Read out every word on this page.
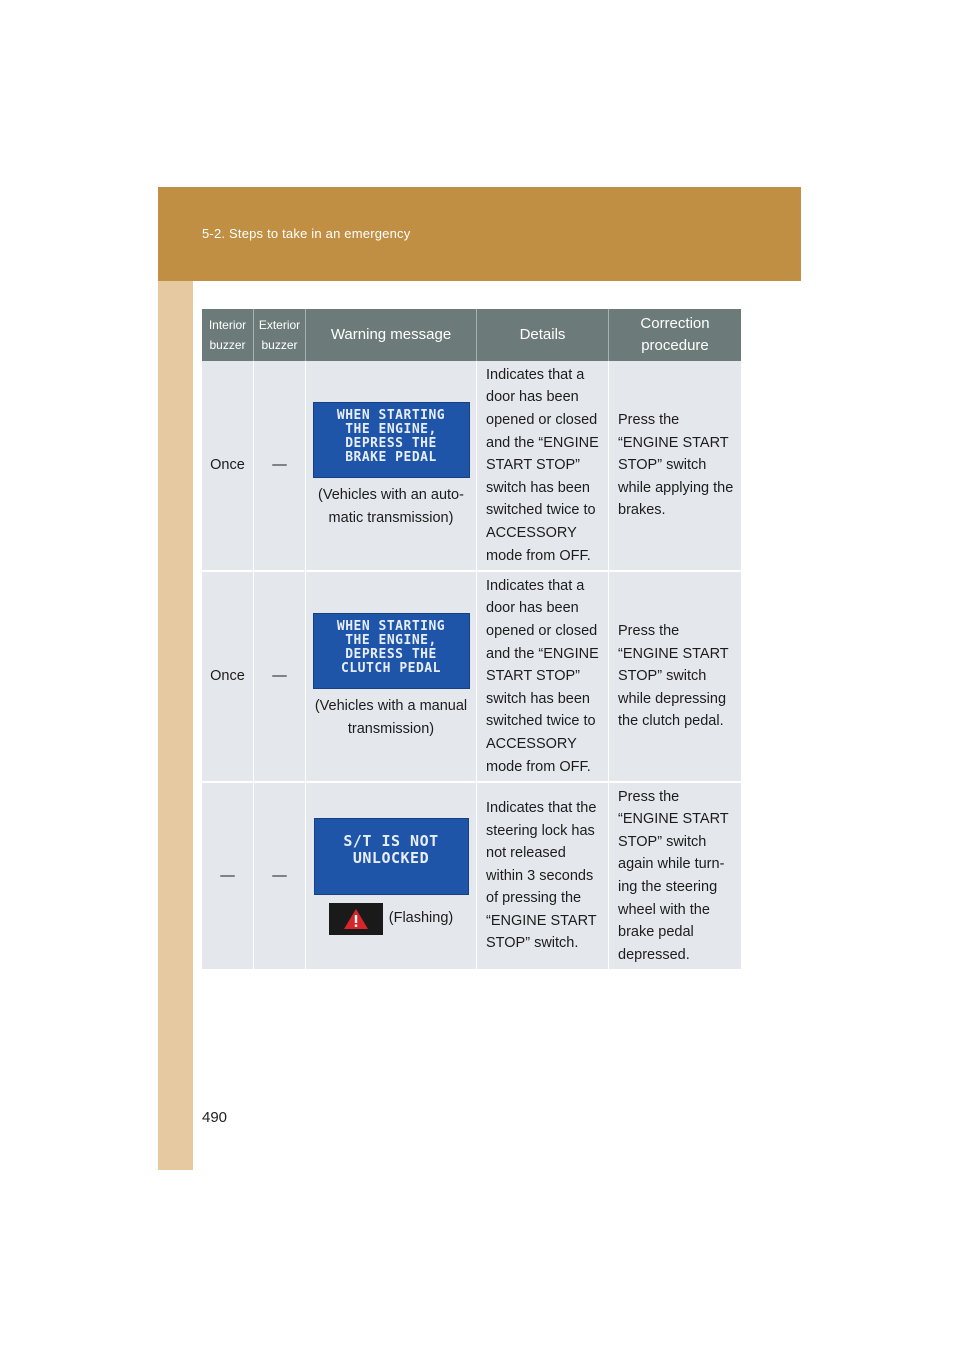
5-2. Steps to take in an emergency
Interior
buzzer	Exterior
buzzer	Warning message	Details	Correction
procedure
Once	—	WHEN STARTING
THE ENGINE,
DEPRESS THE
BRAKE PEDAL
(Vehicles with an auto-matic transmission)	Indicates that a door has been opened or closed and the “ENGINE START STOP” switch has been switched twice to ACCESSORY mode from OFF.	Press the “ENGINE START STOP” switch while applying the brakes.
Once	—	WHEN STARTING
THE ENGINE,
DEPRESS THE
CLUTCH PEDAL
(Vehicles with a manual transmission)	Indicates that a door has been opened or closed and the “ENGINE START STOP” switch has been switched twice to ACCESSORY mode from OFF.	Press the “ENGINE START STOP” switch while depressing the clutch pedal.
—	—	S/T IS NOT
UNLOCKED
(Flashing)	Indicates that the steering lock has not released within 3 seconds of pressing the “ENGINE START STOP” switch.	Press the “ENGINE START STOP” switch again while turn-ing the steering wheel with the brake pedal depressed.
490
